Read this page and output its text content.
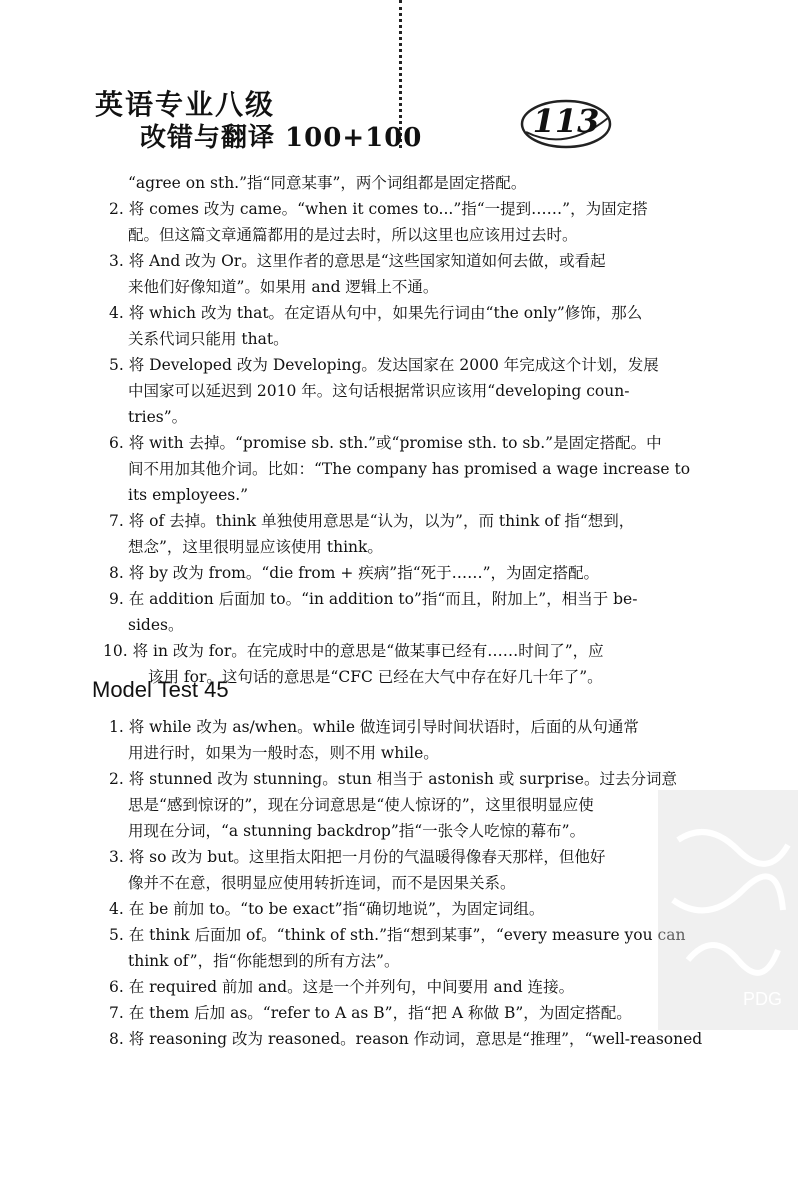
英语专业八级
改错与翻译 100+100	113
“agree on sth.”指“同意某事”，两个词组都是固定搭配。
2. 将 comes 改为 came。“when it comes to...”指“一提到……”，为固定搭
配。但这篇文章通篇都用的是过去时，所以这里也应该用过去时。
3. 将 And 改为 Or。这里作者的意思是“这些国家知道如何去做，或看起
来他们好像知道”。如果用 and 逻辑上不通。
4. 将 which 改为 that。在定语从句中，如果先行词由“the only”修饰，那么
关系代词只能用 that。
5. 将 Developed 改为 Developing。发达国家在 2000 年完成这个计划，发展
中国家可以延迟到 2010 年。这句话根据常识应该用“developing coun-
tries”。
6. 将 with 去掉。“promise sb. sth.”或“promise sth. to sb.”是固定搭配。中
间不用加其他介词。比如：“The company has promised a wage increase to
its employees.”
7. 将 of 去掉。think 单独使用意思是“认为，以为”，而 think of 指“想到，
想念”，这里很明显应该使用 think。
8. 将 by 改为 from。“die from + 疾病”指“死于……”，为固定搭配。
9. 在 addition 后面加 to。“in addition to”指“而且，附加上”，相当于 be-
sides。
10. 将 in 改为 for。在完成时中的意思是“做某事已经有……时间了”，应
该用 for。这句话的意思是“CFC 已经在大气中存在好几十年了”。
Model Test 45
1. 将 while 改为 as/when。while 做连词引导时间状语时，后面的从句通常
用进行时，如果为一般时态，则不用 while。
2. 将 stunned 改为 stunning。stun 相当于 astonish 或 surprise。过去分词意
思是“感到惊讶的”，现在分词意思是“使人惊讶的”，这里很明显应使
用现在分词，“a stunning backdrop”指“一张令人吃惊的幕布”。
3. 将 so 改为 but。这里指太阳把一月份的气温暖得像春天那样，但他好
像并不在意，很明显应使用转折连词，而不是因果关系。
4. 在 be 前加 to。“to be exact”指“确切地说”，为固定词组。
5. 在 think 后面加 of。“think of sth.”指“想到某事”，“every measure you can
think of”，指“你能想到的所有方法”。
6. 在 required 前加 and。这是一个并列句，中间要用 and 连接。
7. 在 them 后加 as。“refer to A as B”，指“把 A 称做 B”，为固定搭配。
8. 将 reasoning 改为 reasoned。reason 作动词，意思是“推理”，“well-reasoned
PDG
